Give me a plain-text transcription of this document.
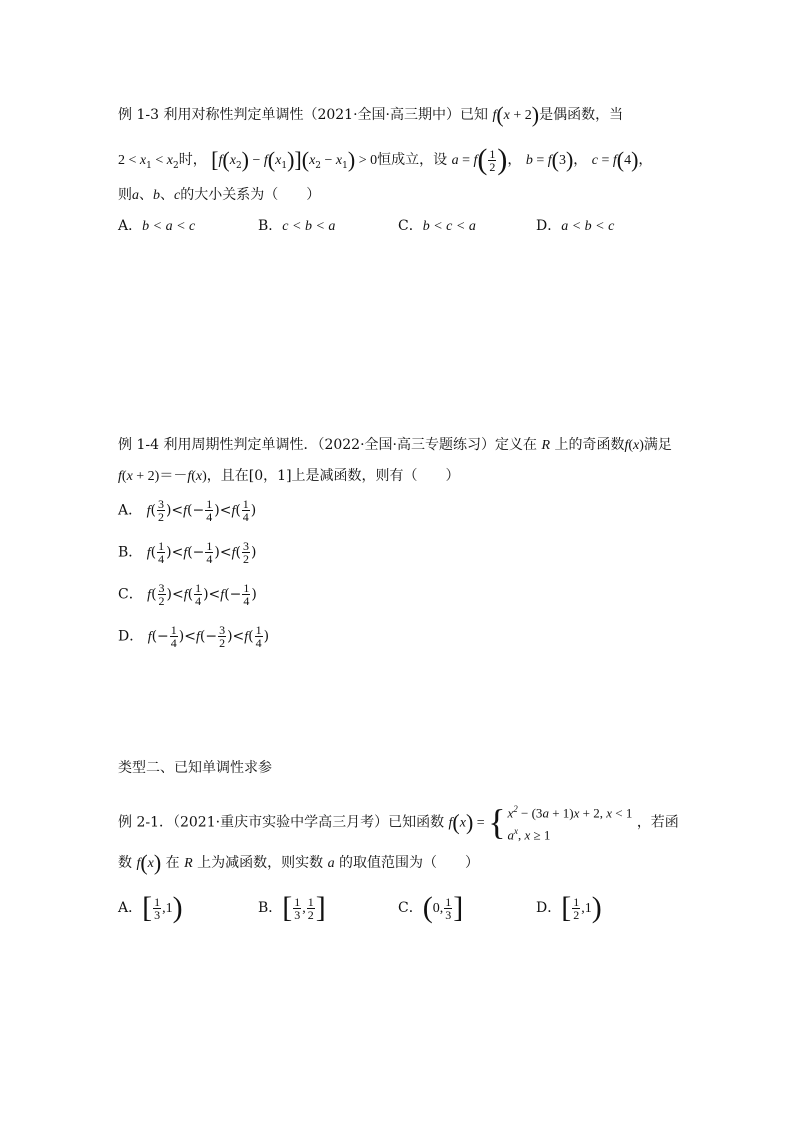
例 1-3 利用对称性判定单调性（2021·全国·高三期中）已知 f(x + 2)是偶函数，当
$2 < x_1 < x_2$时， $[f(x_2) - f(x_1)](x_2 - x_1) > 0$恒成立，设 $a = f( \frac{1}{2}$ )， b = f(3)， c = f(4)，
则a、b、c的大小关系为（　　）
A．b < a < c	B．c < b < a	C．b < c < a	D．a < b < c
例 1-4 利用周期性判定单调性．（2022·全国·高三专题练习）定义在 R 上的奇函数f(x)满足
f(x + 2)＝－f(x)，且在[0，1]上是减函数，则有（　　）
A． $f( \frac{3}{2} )<f(- \frac{1}{4} )<f( \frac{1}{4}$ )
B． $f( \frac{1}{4} )<f(- \frac{1}{4} )<f( \frac{3}{2}$ )
C． $f( \frac{3}{2} )<f( \frac{1}{4} )<f(- \frac{1}{4}$ )
D． $f(- \frac{1}{4} )<f(- \frac{3}{2} )<f( \frac{1}{4}$ )
类型二、已知单调性求参
例 2-1．（2021·重庆市实验中学高三月考）已知函数 f(x) = { $x^2 - (3a + 1)x + 2$, x < 1
$a^x$, x ≥ 1
，若函
数 f(x) 在 R 上为减函数，则实数 a 的取值范围为（　　）
A．[ $\frac{1}{3} ,1$)	B．[ $\frac{1}{3}$ , $\frac{1}{2}$ ]	C．(0, $\frac{1}{3}$ ]	D．[ $\frac{1}{2} ,1$)
